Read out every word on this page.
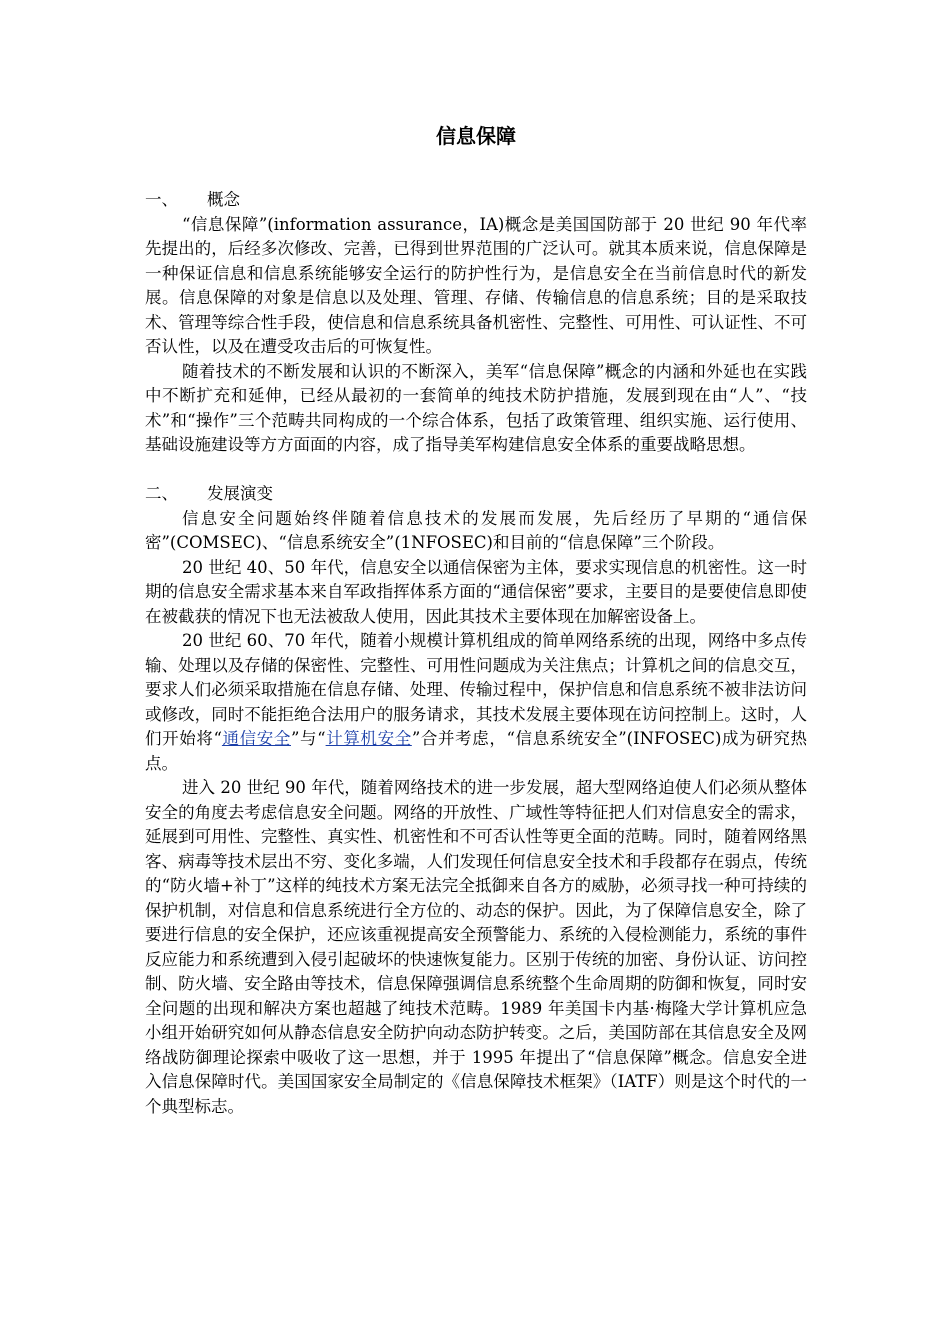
信息保障
一、 概念

“信息保障”(information assurance，IA)概念是美国国防部于 20 世纪 90 年代率先提出的，后经多次修改、完善，已得到世界范围的广泛认可。就其本质来说，信息保障是一种保证信息和信息系统能够安全运行的防护性行为，是信息安全在当前信息时代的新发展。信息保障的对象是信息以及处理、管理、存储、传输信息的信息系统；目的是采取技术、管理等综合性手段，使信息和信息系统具备机密性、完整性、可用性、可认证性、不可否认性，以及在遭受攻击后的可恢复性。

随着技术的不断发展和认识的不断深入，美军“信息保障”概念的内涵和外延也在实践中不断扩充和延伸，已经从最初的一套简单的纯技术防护措施，发展到现在由“人”、“技术”和“操作”三个范畴共同构成的一个综合体系，包括了政策管理、组织实施、运行使用、基础设施建设等方方面面的内容，成了指导美军构建信息安全体系的重要战略思想。

二、 发展演变

信息安全问题始终伴随着信息技术的发展而发展，先后经历了早期的“通信保密”(COMSEC)、“信息系统安全”(1NFOSEC)和目前的“信息保障”三个阶段。

20 世纪 40、50 年代，信息安全以通信保密为主体，要求实现信息的机密性。这一时期的信息安全需求基本来自军政指挥体系方面的“通信保密”要求，主要目的是要使信息即使在被截获的情况下也无法被敌人使用，因此其技术主要体现在加解密设备上。

20 世纪 60、70 年代，随着小规模计算机组成的简单网络系统的出现，网络中多点传输、处理以及存储的保密性、完整性、可用性问题成为关注焦点；计算机之间的信息交互，要求人们必须采取措施在信息存储、处理、传输过程中，保护信息和信息系统不被非法访问或修改，同时不能拒绝合法用户的服务请求，其技术发展主要体现在访问控制上。这时，人们开始将“通信安全”与“计算机安全”合并考虑，“信息系统安全”(INFOSEC)成为研究热点。

进入 20 世纪 90 年代，随着网络技术的进一步发展，超大型网络迫使人们必须从整体安全的角度去考虑信息安全问题。网络的开放性、广域性等特征把人们对信息安全的需求，延展到可用性、完整性、真实性、机密性和不可否认性等更全面的范畴。同时，随着网络黑客、病毒等技术层出不穷、变化多端，人们发现任何信息安全技术和手段都存在弱点，传统的“防火墙+补丁”这样的纯技术方案无法完全抵御来自各方的威胁，必须寻找一种可持续的保护机制，对信息和信息系统进行全方位的、动态的保护。因此，为了保障信息安全，除了要进行信息的安全保护，还应该重视提高安全预警能力、系统的入侵检测能力，系统的事件反应能力和系统遭到入侵引起破坏的快速恢复能力。区别于传统的加密、身份认证、访问控制、防火墙、安全路由等技术，信息保障强调信息系统整个生命周期的防御和恢复，同时安全问题的出现和解决方案也超越了纯技术范畴。1989 年美国卡内基·梅隆大学计算机应急小组开始研究如何从静态信息安全防护向动态防护转变。之后，美国防部在其信息安全及网络战防御理论探索中吸收了这一思想，并于 1995 年提出了“信息保障”概念。信息安全进入信息保障时代。美国国家安全局制定的《信息保障技术框架》（IATF）则是这个时代的一个典型标志。
